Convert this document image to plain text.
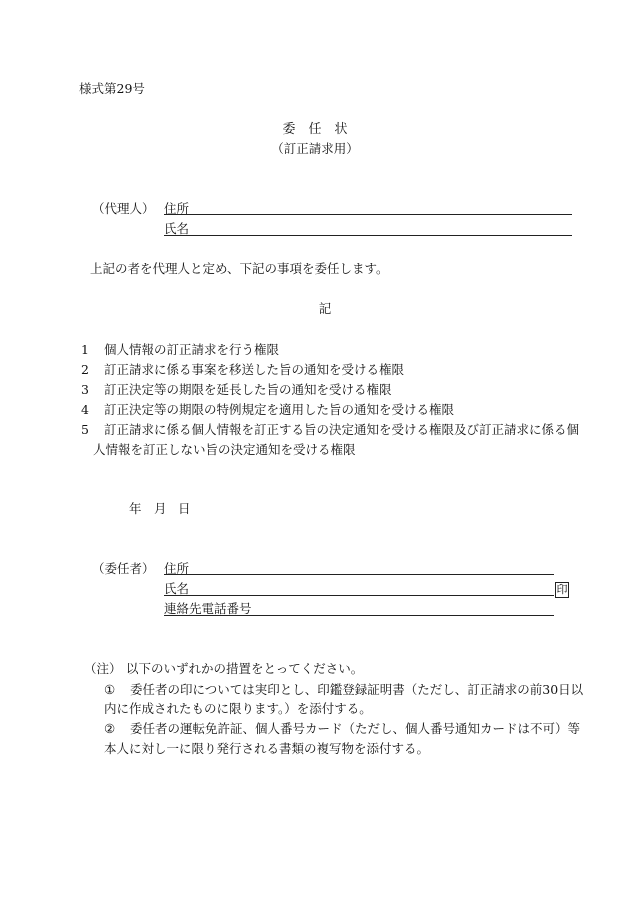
様式第29号
委　任　状
（訂正請求用）
（代理人） 住所
氏名
上記の者を代理人と定め、下記の事項を委任します。
記
1 個人情報の訂正請求を行う権限
2 訂正請求に係る事案を移送した旨の通知を受ける権限
3 訂正決定等の期限を延長した旨の通知を受ける権限
4 訂正決定等の期限の特例規定を適用した旨の通知を受ける権限
5 訂正請求に係る個人情報を訂正する旨の決定通知を受ける権限及び訂正請求に係る個
人情報を訂正しない旨の決定通知を受ける権限
年 月 日
（委任者） 住所
氏名	印
連絡先電話番号
（注） 以下のいずれかの措置をとってください。
① 委任者の印については実印とし、印鑑登録証明書（ただし、訂正請求の前30日以
内に作成されたものに限ります。）を添付する。
② 委任者の運転免許証、個人番号カード（ただし、個人番号通知カードは不可）等
本人に対し一に限り発行される書類の複写物を添付する。
